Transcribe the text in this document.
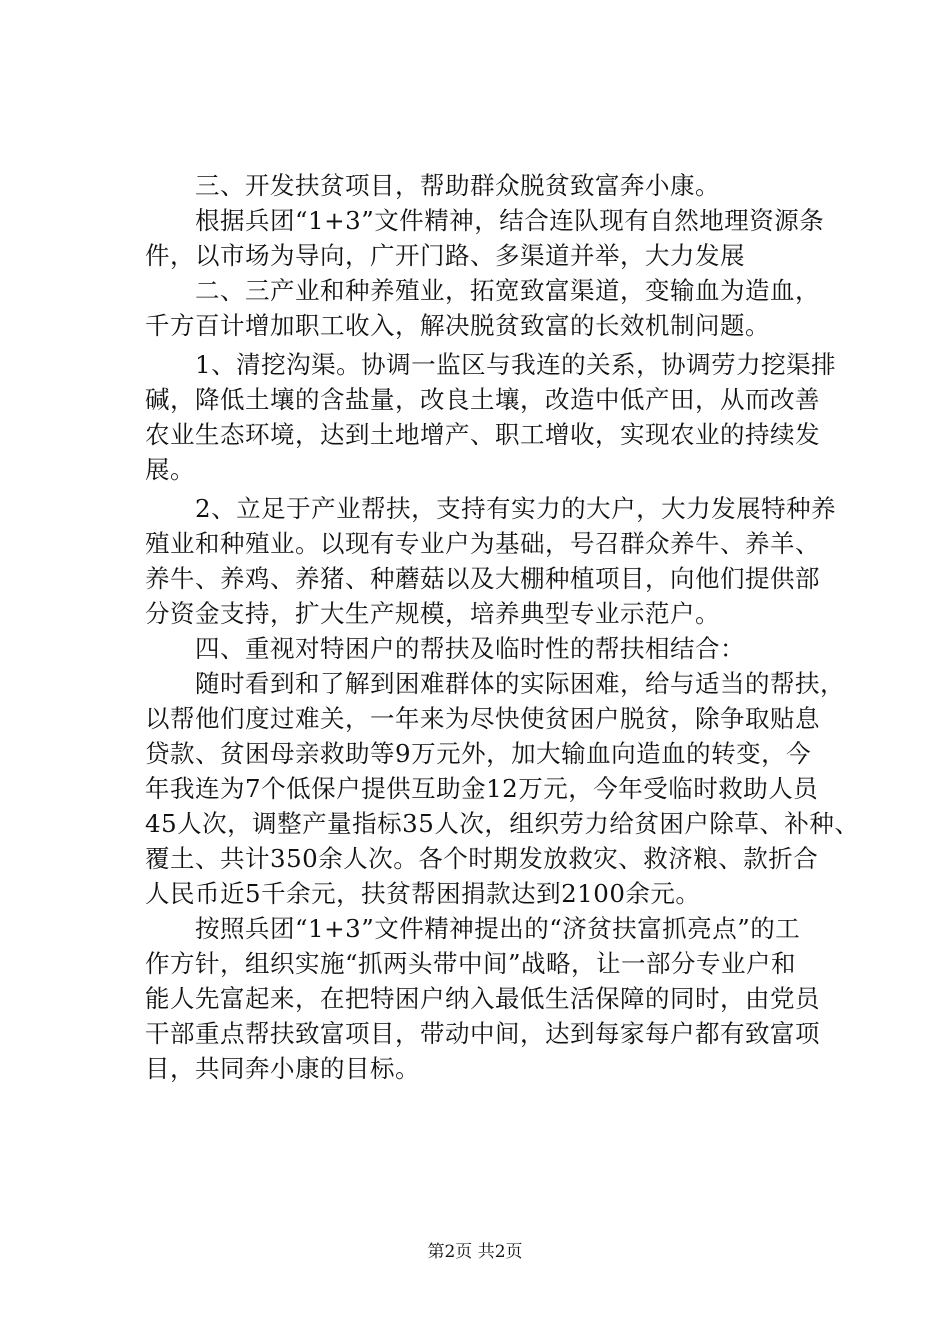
　　三、开发扶贫项目，帮助群众脱贫致富奔小康。
　　根据兵团“1+3”文件精神，结合连队现有自然地理资源条
件，以市场为导向，广开门路、多渠道并举，大力发展
　　二、三产业和种养殖业，拓宽致富渠道，变输血为造血，
千方百计增加职工收入，解决脱贫致富的长效机制问题。
　　1、清挖沟渠。协调一监区与我连的关系，协调劳力挖渠排
碱，降低土壤的含盐量，改良土壤，改造中低产田，从而改善
农业生态环境，达到土地增产、职工增收，实现农业的持续发
展。
　　2、立足于产业帮扶，支持有实力的大户，大力发展特种养
殖业和种殖业。以现有专业户为基础，号召群众养牛、养羊、
养牛、养鸡、养猪、种蘑菇以及大棚种植项目，向他们提供部
分资金支持，扩大生产规模，培养典型专业示范户。
　　四、重视对特困户的帮扶及临时性的帮扶相结合：
　　随时看到和了解到困难群体的实际困难，给与适当的帮扶，
以帮他们度过难关，一年来为尽快使贫困户脱贫，除争取贴息
贷款、贫困母亲救助等9万元外，加大输血向造血的转变，今
年我连为7个低保户提供互助金12万元，今年受临时救助人员
45人次，调整产量指标35人次，组织劳力给贫困户除草、补种、
覆土、共计350余人次。各个时期发放救灾、救济粮、款折合
人民币近5千余元，扶贫帮困捐款达到2100余元。
　　按照兵团“1+3”文件精神提出的“济贫扶富抓亮点”的工
作方针，组织实施“抓两头带中间”战略，让一部分专业户和
能人先富起来，在把特困户纳入最低生活保障的同时，由党员
干部重点帮扶致富项目，带动中间，达到每家每户都有致富项
目，共同奔小康的目标。
第2页 共2页
